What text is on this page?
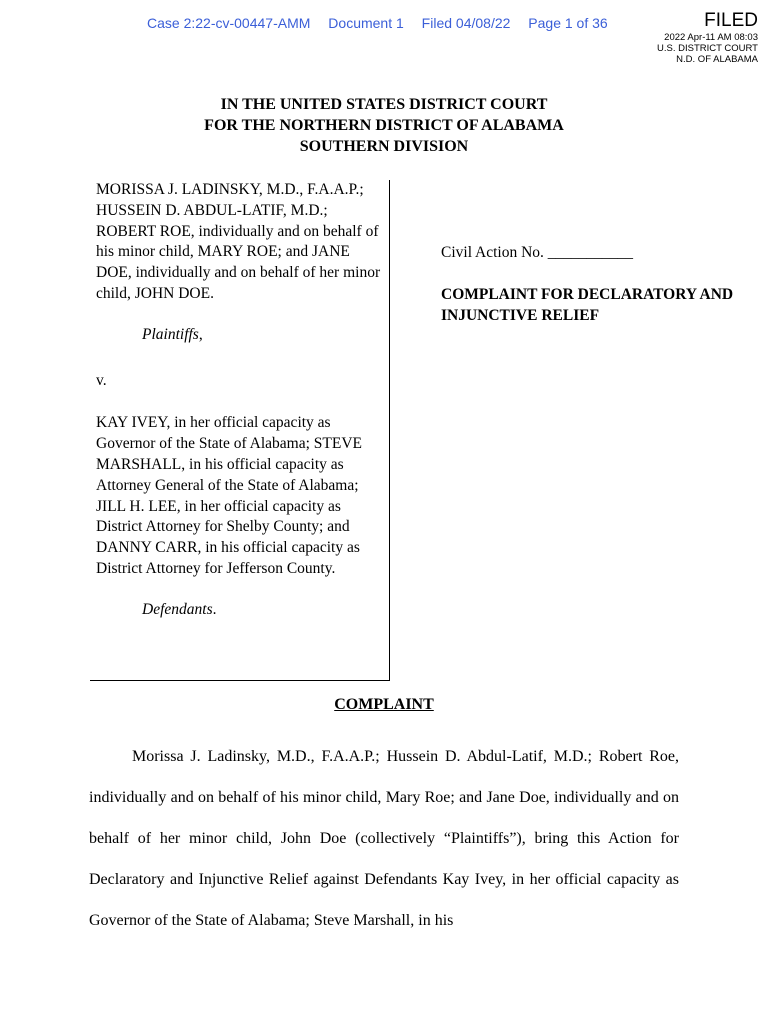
Case 2:22-cv-00447-AMM Document 1 Filed 04/08/22 Page 1 of 36	FILED
2022 Apr-11 AM 08:03
U.S. DISTRICT COURT
N.D. OF ALABAMA
IN THE UNITED STATES DISTRICT COURT
FOR THE NORTHERN DISTRICT OF ALABAMA
SOUTHERN DIVISION

MORISSA J. LADINSKY, M.D., F.A.A.P.; HUSSEIN D. ABDUL-LATIF, M.D.; ROBERT ROE, individually and on behalf of his minor child, MARY ROE; and JANE DOE, individually and on behalf of her minor child, JOHN DOE.

Plaintiffs,

v.

KAY IVEY, in her official capacity as Governor of the State of Alabama; STEVE MARSHALL, in his official capacity as Attorney General of the State of Alabama; JILL H. LEE, in her official capacity as District Attorney for Shelby County; and DANNY CARR, in his official capacity as District Attorney for Jefferson County.

Defendants.

Civil Action No. ___________

COMPLAINT FOR DECLARATORY AND INJUNCTIVE RELIEF

COMPLAINT

Morissa J. Ladinsky, M.D., F.A.A.P.; Hussein D. Abdul-Latif, M.D.; Robert Roe, individually and on behalf of his minor child, Mary Roe; and Jane Doe, individually and on behalf of her minor child, John Doe (collectively “Plaintiffs”), bring this Action for Declaratory and Injunctive Relief against Defendants Kay Ivey, in her official capacity as Governor of the State of Alabama; Steve Marshall, in his
